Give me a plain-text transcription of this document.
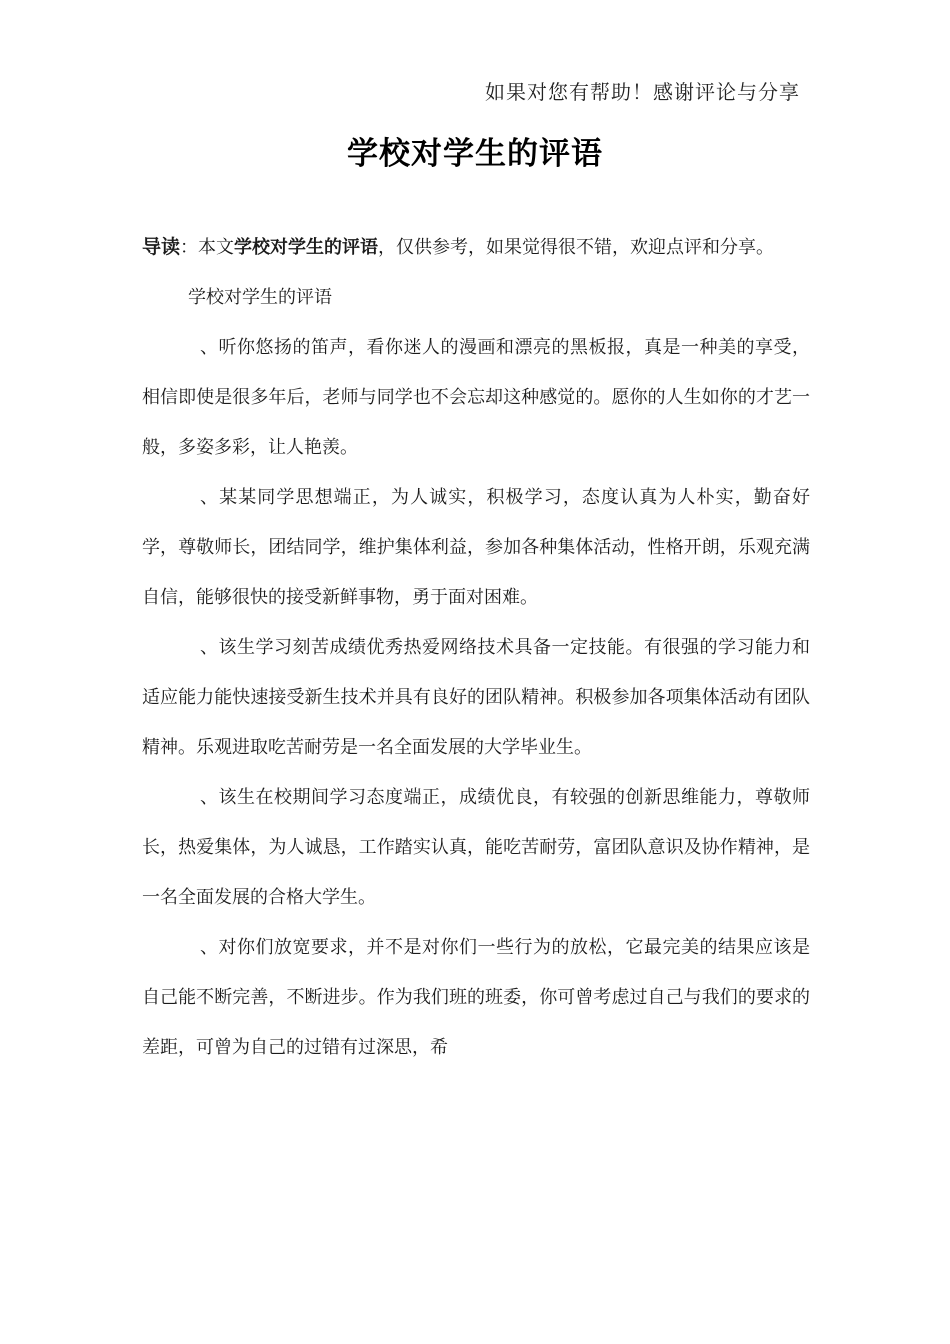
如果对您有帮助！感谢评论与分享
学校对学生的评语

导读：本文学校对学生的评语，仅供参考，如果觉得很不错，欢迎点评和分享。

学校对学生的评语

、听你悠扬的笛声，看你迷人的漫画和漂亮的黑板报，真是一种美的享受，相信即使是很多年后，老师与同学也不会忘却这种感觉的。愿你的人生如你的才艺一般，多姿多彩，让人艳羡。

、某某同学思想端正，为人诚实，积极学习，态度认真为人朴实，勤奋好学，尊敬师长，团结同学，维护集体利益，参加各种集体活动，性格开朗，乐观充满自信，能够很快的接受新鲜事物，勇于面对困难。

、该生学习刻苦成绩优秀热爱网络技术具备一定技能。有很强的学习能力和适应能力能快速接受新生技术并具有良好的团队精神。积极参加各项集体活动有团队精神。乐观进取吃苦耐劳是一名全面发展的大学毕业生。

、该生在校期间学习态度端正，成绩优良，有较强的创新思维能力，尊敬师长，热爱集体，为人诚恳，工作踏实认真，能吃苦耐劳，富团队意识及协作精神，是一名全面发展的合格大学生。

、对你们放宽要求，并不是对你们一些行为的放松，它最完美的结果应该是自己能不断完善，不断进步。作为我们班的班委，你可曾考虑过自己与我们的要求的差距，可曾为自己的过错有过深思，希
